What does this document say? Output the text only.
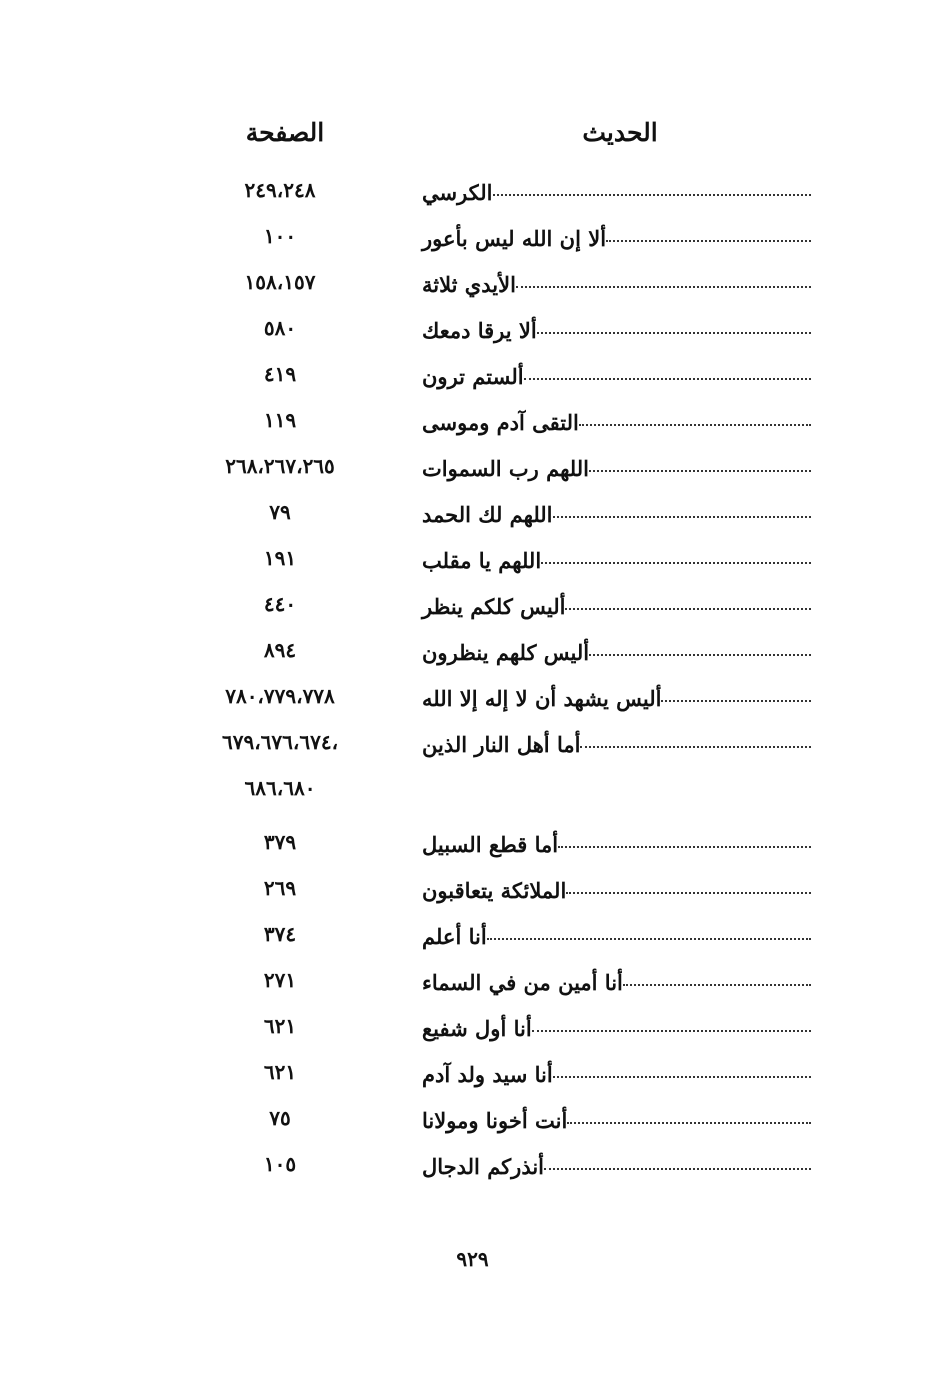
الحديث
الصفحة
الكرسي
٢٤٩،٢٤٨
ألا إن الله ليس بأعور
١٠٠
الأيدي ثلاثة
١٥٨،١٥٧
ألا يرقا دمعك
٥٨٠
ألستم ترون
٤١٩
التقى آدم وموسى
١١٩
اللهم رب السموات
٢٦٨،٢٦٧،٢٦٥
اللهم لك الحمد
٧٩
اللهم يا مقلب
١٩١
أليس كلكم ينظر
٤٤٠
أليس كلهم ينظرون
٨٩٤
أليس يشهد أن لا إله إلا الله
٧٨٠،٧٧٩،٧٧٨
أما أهل النار الذين
،٦٧٩،٦٧٦،٦٧٤
٦٨٦،٦٨٠
أما قطع السبيل
٣٧٩
الملائكة يتعاقبون
٢٦٩
أنا أعلم
٣٧٤
أنا أمين من في السماء
٢٧١
أنا أول شفيع
٦٢١
أنا سيد ولد آدم
٦٢١
أنت أخونا ومولانا
٧٥
أنذركم الدجال
١٠٥
٩٢٩
